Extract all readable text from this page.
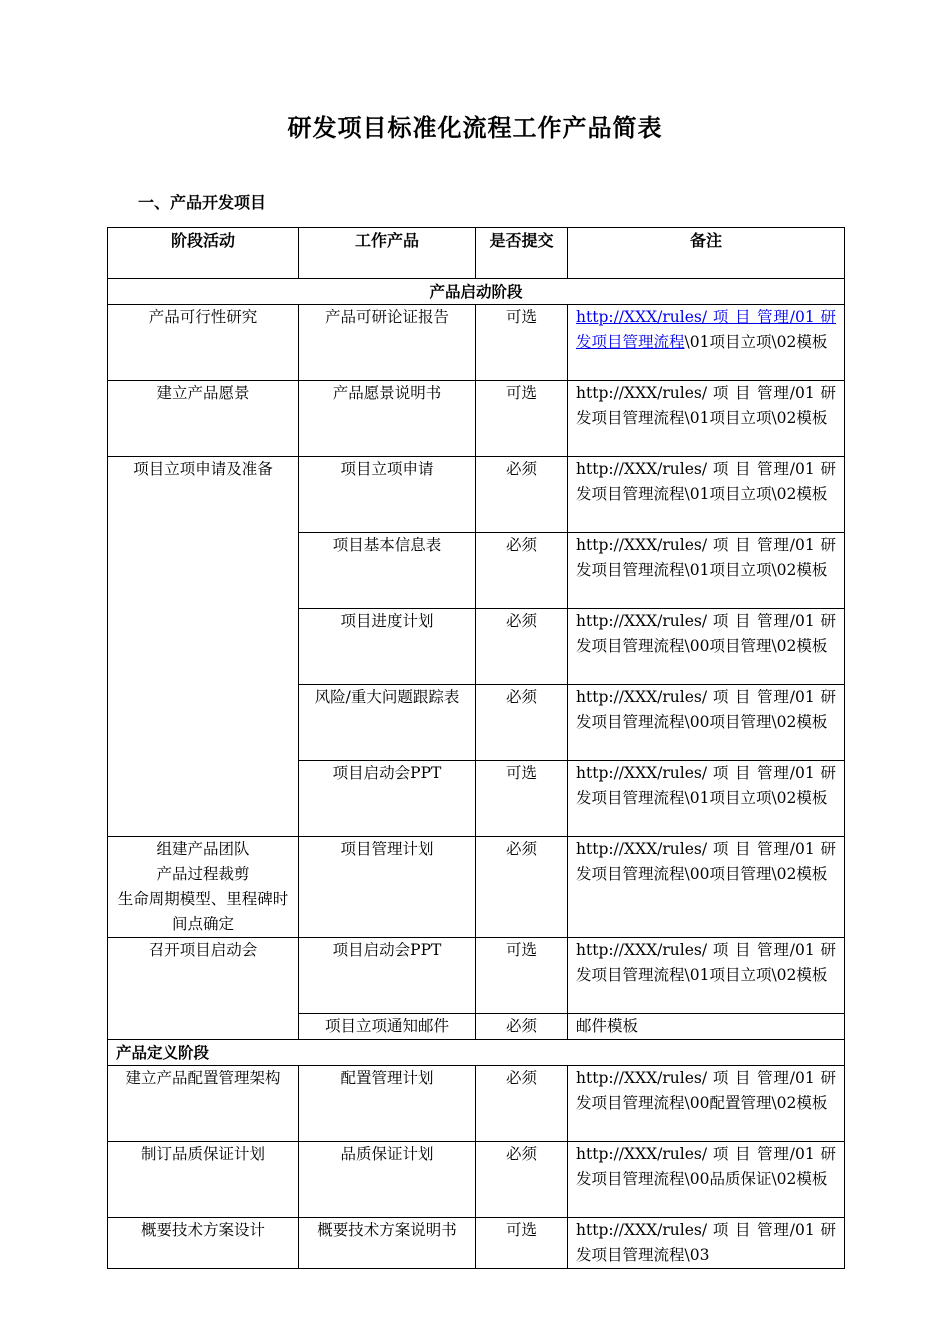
研发项目标准化流程工作产品简表
一、产品开发项目
阶段活动	工作产品	是否提交	备注
产品启动阶段			
产品可行性研究	产品可研论证报告	可选	http://XXX/rules/ 项 目 管理/01 研发项目管理流程\01项目立项\02模板
建立产品愿景	产品愿景说明书	可选	http://XXX/rules/ 项 目 管理/01 研发项目管理流程\01项目立项\02模板
项目立项申请及准备	项目立项申请	必须	http://XXX/rules/ 项 目 管理/01 研发项目管理流程\01项目立项\02模板
	项目基本信息表	必须	http://XXX/rules/ 项 目 管理/01 研发项目管理流程\01项目立项\02模板
	项目进度计划	必须	http://XXX/rules/ 项 目 管理/01 研发项目管理流程\00项目管理\02模板
	风险/重大问题跟踪表	必须	http://XXX/rules/ 项 目 管理/01 研发项目管理流程\00项目管理\02模板
	项目启动会PPT	可选	http://XXX/rules/ 项 目 管理/01 研发项目管理流程\01项目立项\02模板
组建产品团队
产品过程裁剪
生命周期模型、里程碑时间点确定	项目管理计划	必须	http://XXX/rules/ 项 目 管理/01 研发项目管理流程\00项目管理\02模板
召开项目启动会	项目启动会PPT	可选	http://XXX/rules/ 项 目 管理/01 研发项目管理流程\01项目立项\02模板
	项目立项通知邮件	必须	邮件模板
产品定义阶段			
建立产品配置管理架构	配置管理计划	必须	http://XXX/rules/ 项 目 管理/01 研发项目管理流程\00配置管理\02模板
制订品质保证计划	品质保证计划	必须	http://XXX/rules/ 项 目 管理/01 研发项目管理流程\00品质保证\02模板
概要技术方案设计	概要技术方案说明书	可选	http://XXX/rules/ 项 目 管理/01 研发项目管理流程\03
